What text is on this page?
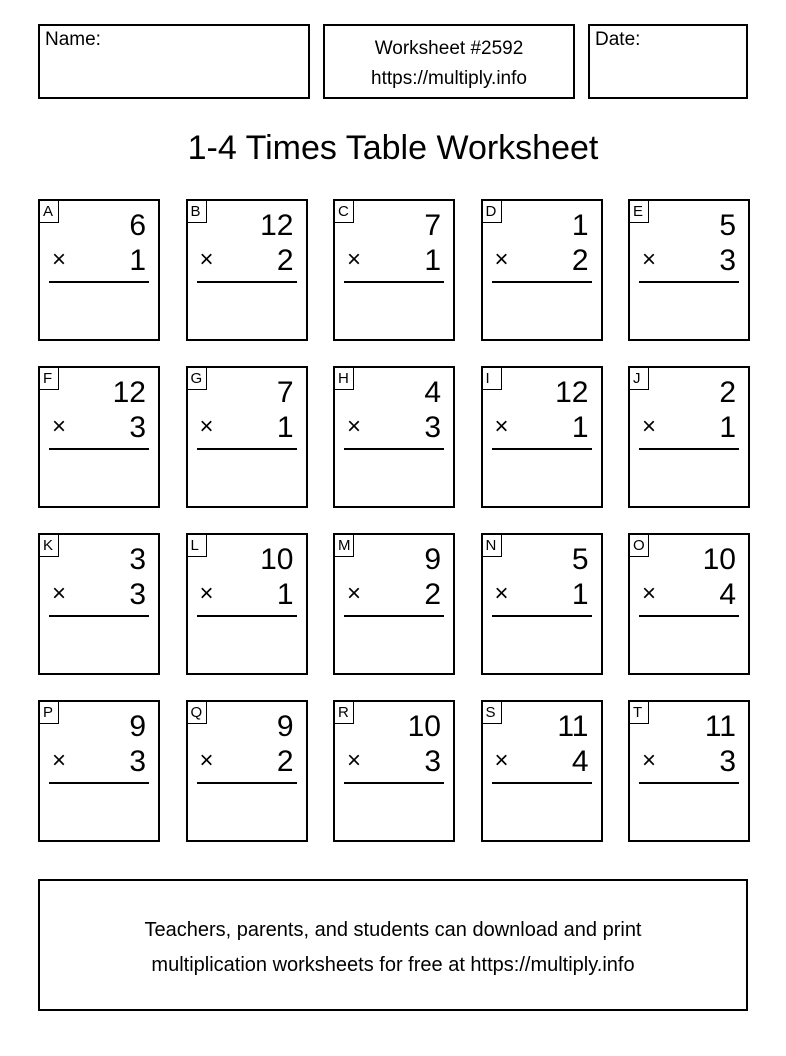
Name:	Worksheet #2592
https://multiply.info
Date:
1-4 Times Table Worksheet
A	6
× 1
B 12
× 2
C	7
× 1
D	1
× 2
E	5
× 3
F 12
× 3
G 7
× 1
H	4
× 3
I	12
× 1
J	2
× 1
K	3
× 3
L 10
× 1
M 9
× 2
N	5
× 1
O 10
× 4
P	9
× 3
Q 9
× 2
R 10
× 3
S 11
× 4
T 11
× 3
Teachers, parents, and students can download and print
multiplication worksheets for free at https://multiply.info
